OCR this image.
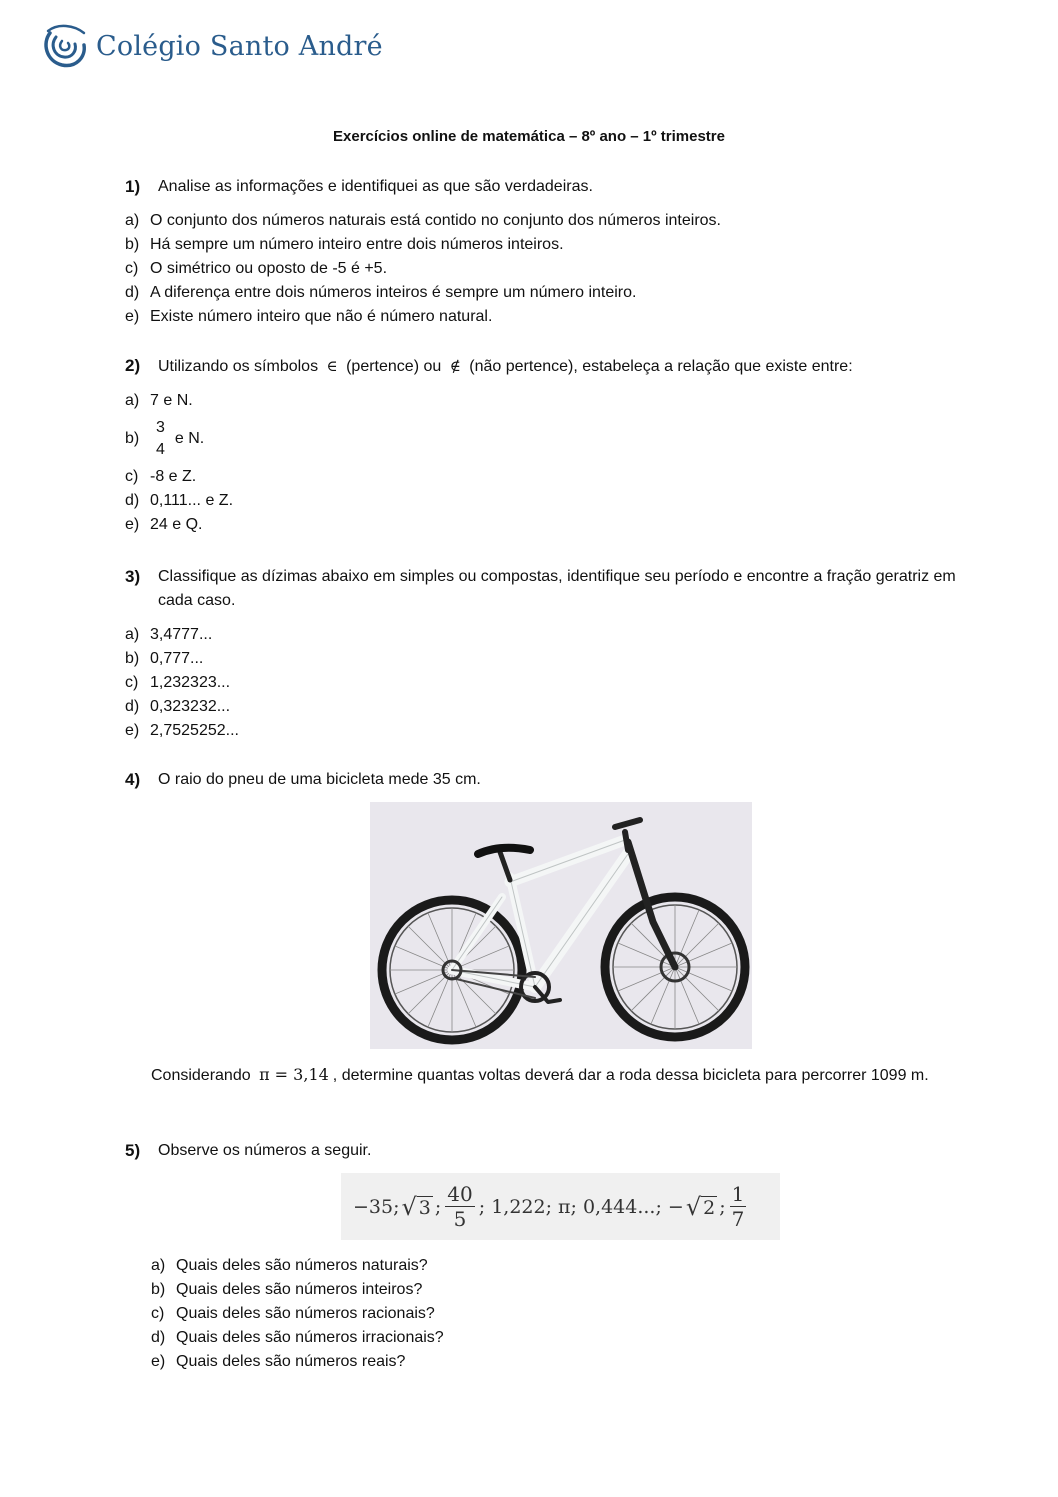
Colégio Santo André
Exercícios online de matemática – 8º ano – 1º trimestre
1)	Analise as informações e identifiquei as que são verdadeiras.
a) O conjunto dos números naturais está contido no conjunto dos números inteiros.
b) Há sempre um número inteiro entre dois números inteiros.
c) O simétrico ou oposto de -5 é +5.
d) A diferença entre dois números inteiros é sempre um número inteiro.
e) Existe número inteiro que não é número natural.
2)	Utilizando os símbolos ∈ (pertence) ou ∉ (não pertence), estabeleça a relação que existe entre:
a) 7 e N.
b)
3
4
e N.
c) -8 e Z.
d) 0,111... e Z.
e) 24 e Q.
3)	Classifique as dízimas abaixo em simples ou compostas, identifique seu período e encontre a fração geratriz em cada caso.
a) 3,4777...
b) 0,777...
c) 1,232323...
d) 0,323232...
e) 2,7525252...
4)	O raio do pneu de uma bicicleta mede 35 cm.
Considerando π = 3,14 , determine quantas voltas deverá dar a roda dessa bicicleta para percorrer 1099 m.
5)	Observe os números a seguir.
−35; √ 3 ; $\frac{40}{5}$ ; 1,222; π; 0,444...; − √ 2 ; $\frac{1}{7}$
a) Quais deles são números naturais?
b) Quais deles são números inteiros?
c) Quais deles são números racionais?
d) Quais deles são números irracionais?
e) Quais deles são números reais?
